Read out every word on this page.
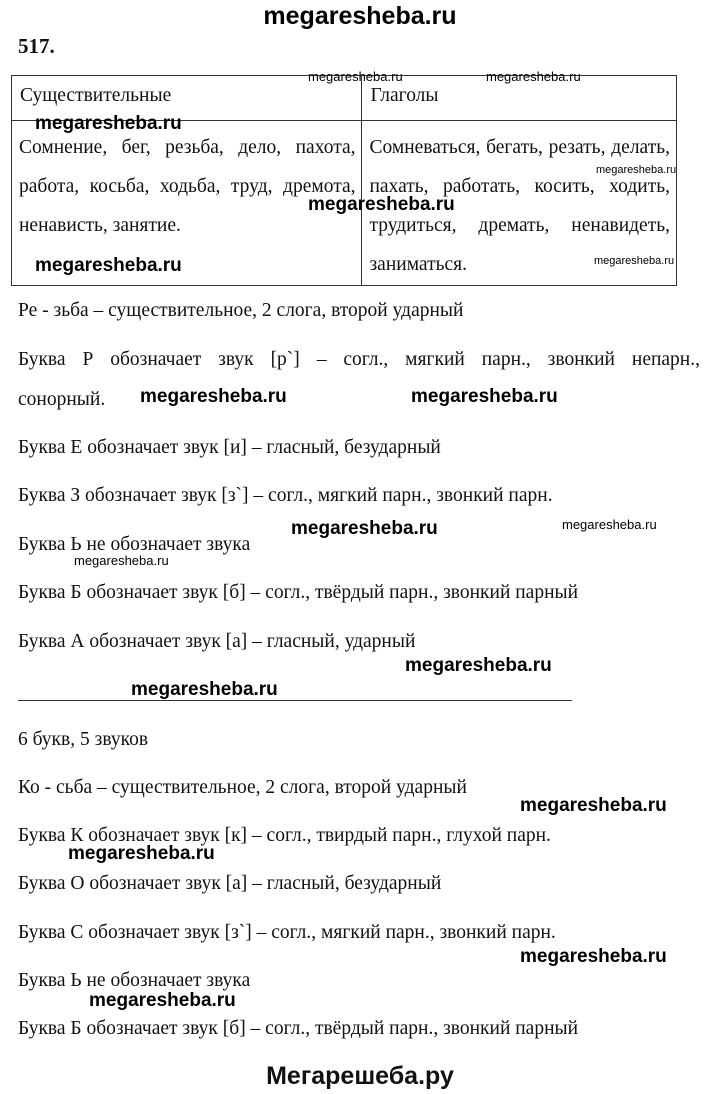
megaresheba.ru
517.
Существительные	Глаголы
Сомнение, бег, резьба, дело, пахота, работа, косьба, ходьба, труд, дремота, ненависть, занятие.	Сомневаться, бегать, резать, делать, пахать, работать, косить, ходить, трудиться, дремать, ненавидеть, заниматься.
Ре - зьба – существительное, 2 слога, второй ударный
Буква Р обозначает звук [р`] – согл., мягкий парн., звонкий непарн.,
сонорный.
Буква Е обозначает звук [и] – гласный, безударный
Буква З обозначает звук [з`] – согл., мягкий парн., звонкий парн.
Буква Ь не обозначает звука
Буква Б обозначает звук [б] – согл., твёрдый парн., звонкий парный
Буква А обозначает звук [а] – гласный, ударный
6 букв, 5 звуков
Ко - сьба – существительное, 2 слога, второй ударный
Буква К обозначает звук [к] – согл., твирдый парн., глухой парн.
Буква О обозначает звук [а] – гласный, безударный
Буква С обозначает звук [з`] – согл., мягкий парн., звонкий парн.
Буква Ь не обозначает звука
Буква Б обозначает звук [б] – согл., твёрдый парн., звонкий парный
megaresheba.ru	megaresheba.ru
megaresheba.ru
megaresheba.ru
megaresheba.ru
megaresheba.ru	megaresheba.ru
megaresheba.ru	megaresheba.ru
megaresheba.ru	megaresheba.ru
megaresheba.ru
megaresheba.ru
megaresheba.ru
megaresheba.ru
megaresheba.ru
megaresheba.ru
megaresheba.ru
Мегарешеба.ру
